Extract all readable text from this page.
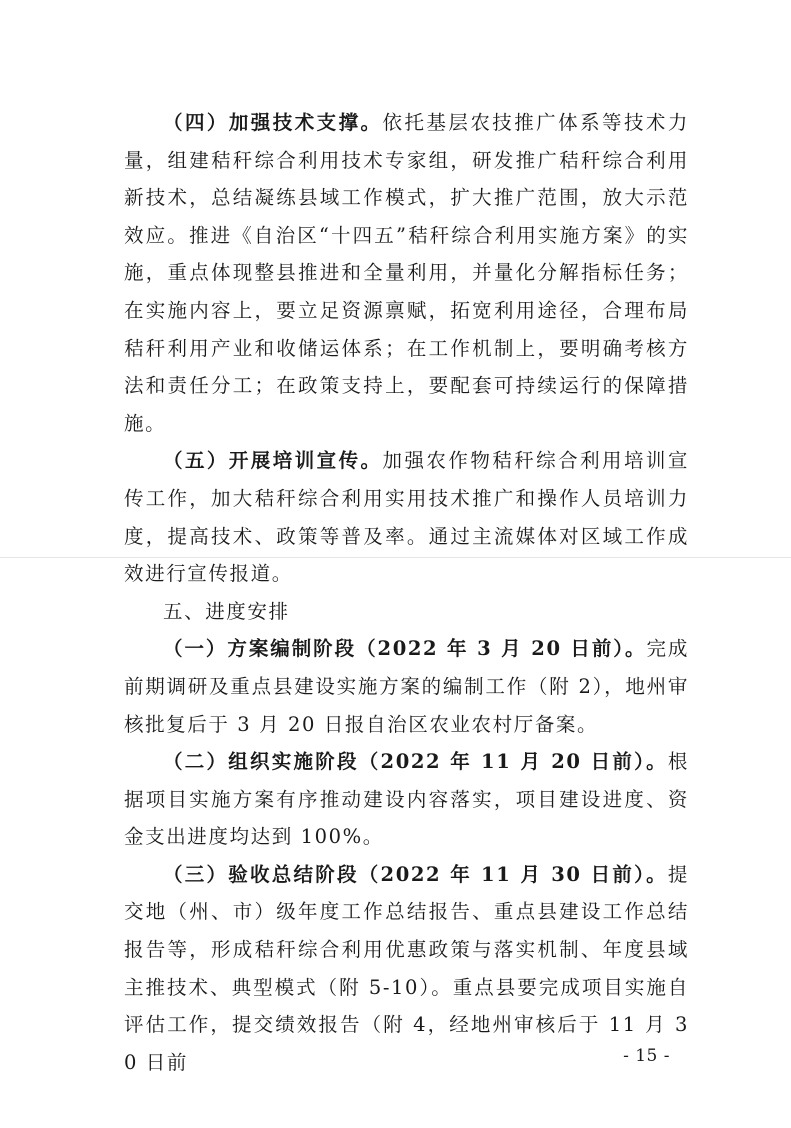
（四）加强技术支撑。依托基层农技推广体系等技术力量，组建秸秆综合利用技术专家组，研发推广秸秆综合利用新技术，总结凝练县域工作模式，扩大推广范围，放大示范效应。推进《自治区“十四五”秸秆综合利用实施方案》的实施，重点体现整县推进和全量利用，并量化分解指标任务；在实施内容上，要立足资源禀赋，拓宽利用途径，合理布局秸秆利用产业和收储运体系；在工作机制上，要明确考核方法和责任分工；在政策支持上，要配套可持续运行的保障措施。

（五）开展培训宣传。加强农作物秸秆综合利用培训宣传工作，加大秸秆综合利用实用技术推广和操作人员培训力度，提高技术、政策等普及率。通过主流媒体对区域工作成效进行宣传报道。

五、进度安排

（一）方案编制阶段（2022 年 3 月 20 日前）。完成前期调研及重点县建设实施方案的编制工作（附 2），地州审核批复后于 3 月 20 日报自治区农业农村厅备案。

（二）组织实施阶段（2022 年 11 月 20 日前）。根据项目实施方案有序推动建设内容落实，项目建设进度、资金支出进度均达到 100%。

（三）验收总结阶段（2022 年 11 月 30 日前）。提交地（州、市）级年度工作总结报告、重点县建设工作总结报告等，形成秸秆综合利用优惠政策与落实机制、年度县域主推技术、典型模式（附 5-10）。重点县要完成项目实施自评估工作，提交绩效报告（附 4，经地州审核后于 11 月 30 日前	- 15 -
